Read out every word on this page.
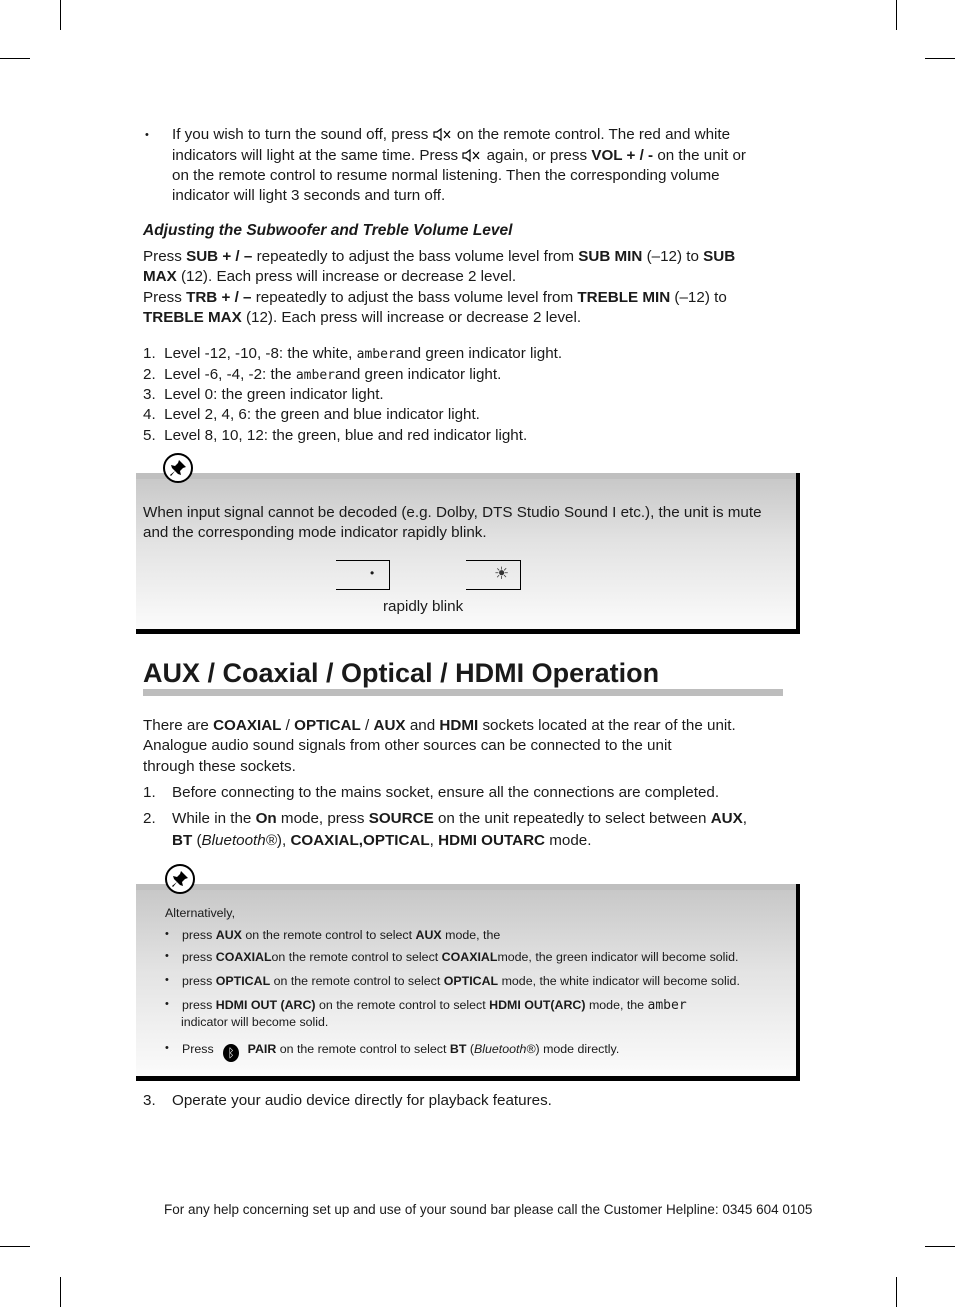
• If you wish to turn the sound off, press on the remote control. The red and white
indicators will light at the same time. Press again, or press VOL + / - on the unit or
on the remote control to resume normal listening. Then the corresponding volume
indicator will light 3 seconds and turn off.
Adjusting the Subwoofer and Treble Volume Level
Press SUB + / – repeatedly to adjust the bass volume level from SUB MIN (–12) to SUB
MAX (12). Each press will increase or decrease 2 level.
Press TRB + / – repeatedly to adjust the bass volume level from TREBLE MIN (–12) to
TREBLE MAX (12). Each press will increase or decrease 2 level.
1. Level -12, -10, -8: the white, amberand green indicator light.
2. Level -6, -4, -2: the amberand green indicator light.
3. Level 0: the green indicator light.
4. Level 2, 4, 6: the green and blue indicator light.
5. Level 8, 10, 12: the green, blue and red indicator light.
When input signal cannot be decoded (e.g. Dolby, DTS Studio Sound I etc.), the unit is mute
and the corresponding mode indicator rapidly blink.
•	☀
rapidly blink
AUX / Coaxial / Optical / HDMI Operation
There are COAXIAL / OPTICAL / AUX and HDMI sockets located at the rear of the unit.
Analogue audio sound signals from other sources can be connected to the unit
through these sockets.
1. Before connecting to the mains socket, ensure all the connections are completed.
2. While in the On mode, press SOURCE on the unit repeatedly to select between AUX,
BT (Bluetooth®), COAXIAL,OPTICAL, HDMI OUTARC mode.
Alternatively,
• press AUX on the remote control to select AUX mode, the
• press COAXIALon the remote control to select COAXIALmode, the green indicator will become solid.
• press OPTICAL on the remote control to select OPTICAL mode, the white indicator will become solid.
• press HDMI OUT (ARC) on the remote control to select HDMI OUT(ARC) mode, the amber
indicator will become solid.
• Press ᛒ PAIR on the remote control to select BT (Bluetooth®) mode directly.
3. Operate your audio device directly for playback features.
For any help concerning set up and use of your sound bar please call the Customer Helpline: 0345 604 0105
